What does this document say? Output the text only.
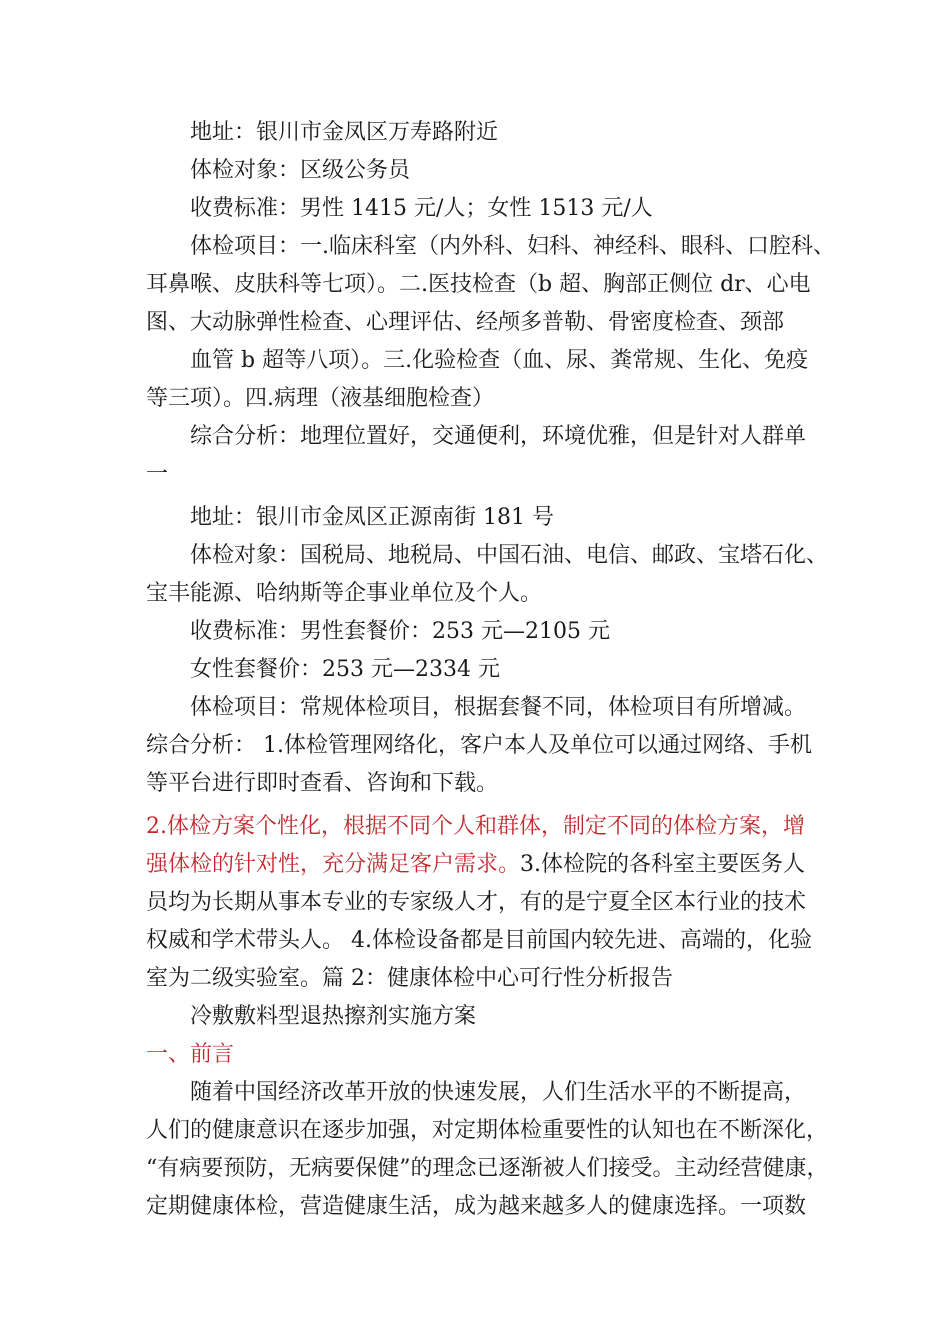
地址：银川市金凤区万寿路附近
体检对象：区级公务员
收费标准：男性 1415 元/人；女性 1513 元/人
体检项目：一.临床科室（内外科、妇科、神经科、眼科、口腔科、
耳鼻喉、皮肤科等七项）。二.医技检查（b 超、胸部正侧位 dr、心电
图、大动脉弹性检查、心理评估、经颅多普勒、骨密度检查、颈部
血管 b 超等八项）。三.化验检查（血、尿、粪常规、生化、免疫
等三项）。四.病理（液基细胞检查）
综合分析：地理位置好，交通便利，环境优雅，但是针对人群单
一
地址：银川市金凤区正源南街 181 号
体检对象：国税局、地税局、中国石油、电信、邮政、宝塔石化、
宝丰能源、哈纳斯等企事业单位及个人。
收费标准：男性套餐价：253 元—2105 元
女性套餐价：253 元—2334 元
体检项目：常规体检项目，根据套餐不同，体检项目有所增减。
综合分析： 1.体检管理网络化，客户本人及单位可以通过网络、手机
等平台进行即时查看、咨询和下载。
2.体检方案个性化，根据不同个人和群体，制定不同的体检方案，增
强体检的针对性，充分满足客户需求。3.体检院的各科室主要医务人
员均为长期从事本专业的专家级人才，有的是宁夏全区本行业的技术
权威和学术带头人。 4.体检设备都是目前国内较先进、高端的，化验
室为二级实验室。篇 2：健康体检中心可行性分析报告
冷敷敷料型退热擦剂实施方案
一、前言
随着中国经济改革开放的快速发展，人们生活水平的不断提高，
人们的健康意识在逐步加强，对定期体检重要性的认知也在不断深化，
“有病要预防，无病要保健”的理念已逐渐被人们接受。主动经营健康，
定期健康体检，营造健康生活，成为越来越多人的健康选择。一项数
